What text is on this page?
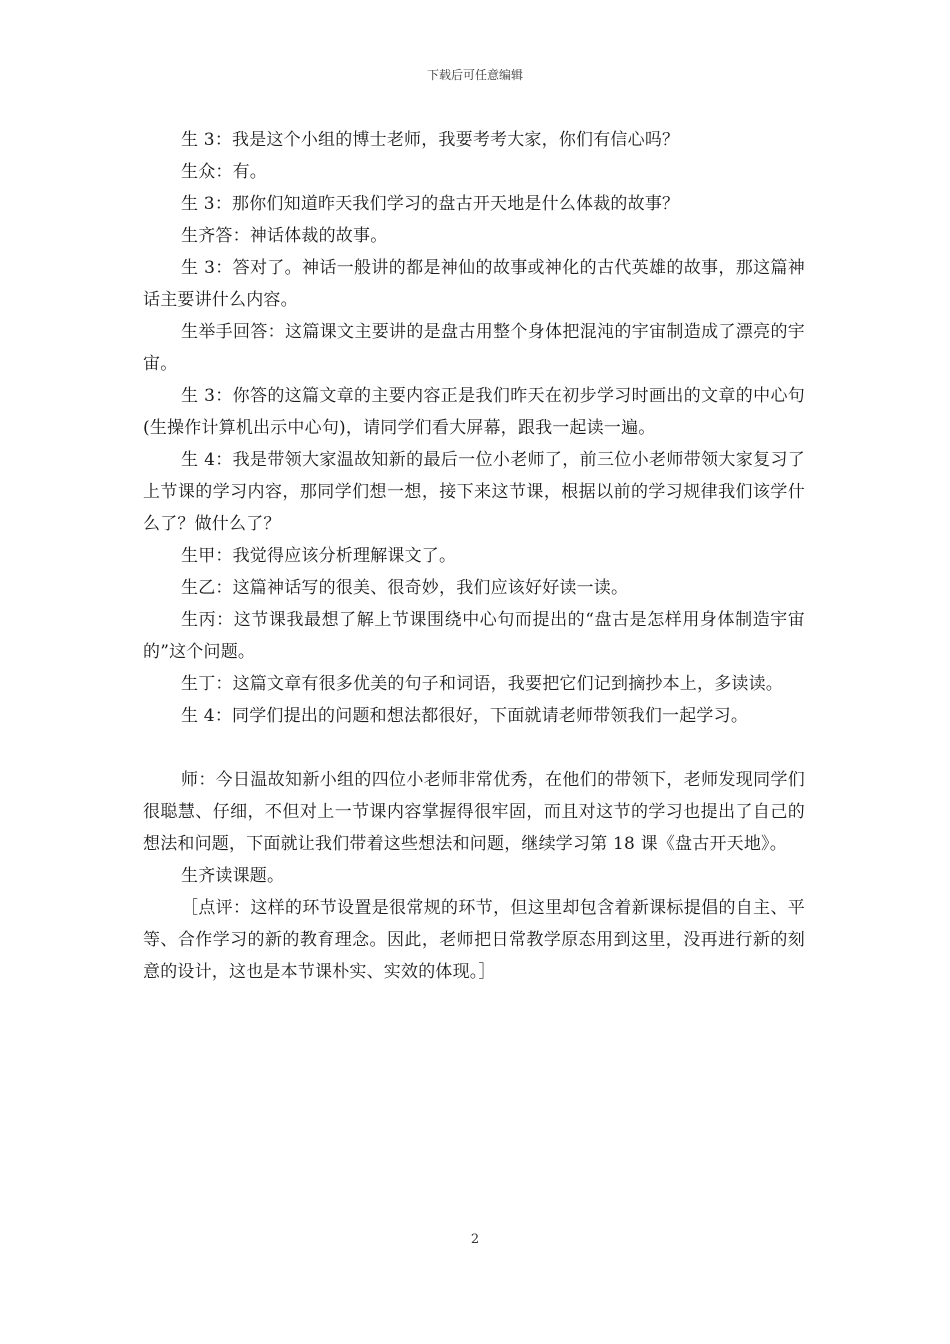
下载后可任意编辑

生 3：我是这个小组的博士老师，我要考考大家，你们有信心吗？

生众：有。

生 3：那你们知道昨天我们学习的盘古开天地是什么体裁的故事？

生齐答：神话体裁的故事。

生 3：答对了。神话一般讲的都是神仙的故事或神化的古代英雄的故事，那这篇神话主要讲什么内容。

生举手回答：这篇课文主要讲的是盘古用整个身体把混沌的宇宙制造成了漂亮的宇宙。

生 3：你答的这篇文章的主要内容正是我们昨天在初步学习时画出的文章的中心句(生操作计算机出示中心句)，请同学们看大屏幕，跟我一起读一遍。

生 4：我是带领大家温故知新的最后一位小老师了，前三位小老师带领大家复习了上节课的学习内容，那同学们想一想，接下来这节课，根据以前的学习规律我们该学什么了？做什么了？

生甲：我觉得应该分析理解课文了。

生乙：这篇神话写的很美、很奇妙，我们应该好好读一读。

生丙：这节课我最想了解上节课围绕中心句而提出的“盘古是怎样用身体制造宇宙的”这个问题。

生丁：这篇文章有很多优美的句子和词语，我要把它们记到摘抄本上，多读读。

生 4：同学们提出的问题和想法都很好，下面就请老师带领我们一起学习。

师：今日温故知新小组的四位小老师非常优秀，在他们的带领下，老师发现同学们很聪慧、仔细，不但对上一节课内容掌握得很牢固，而且对这节的学习也提出了自己的想法和问题，下面就让我们带着这些想法和问题，继续学习第 18 课《盘古开天地》。

生齐读课题。

［点评：这样的环节设置是很常规的环节，但这里却包含着新课标提倡的自主、平等、合作学习的新的教育理念。因此，老师把日常教学原态用到这里，没再进行新的刻意的设计，这也是本节课朴实、实效的体现。］

2
